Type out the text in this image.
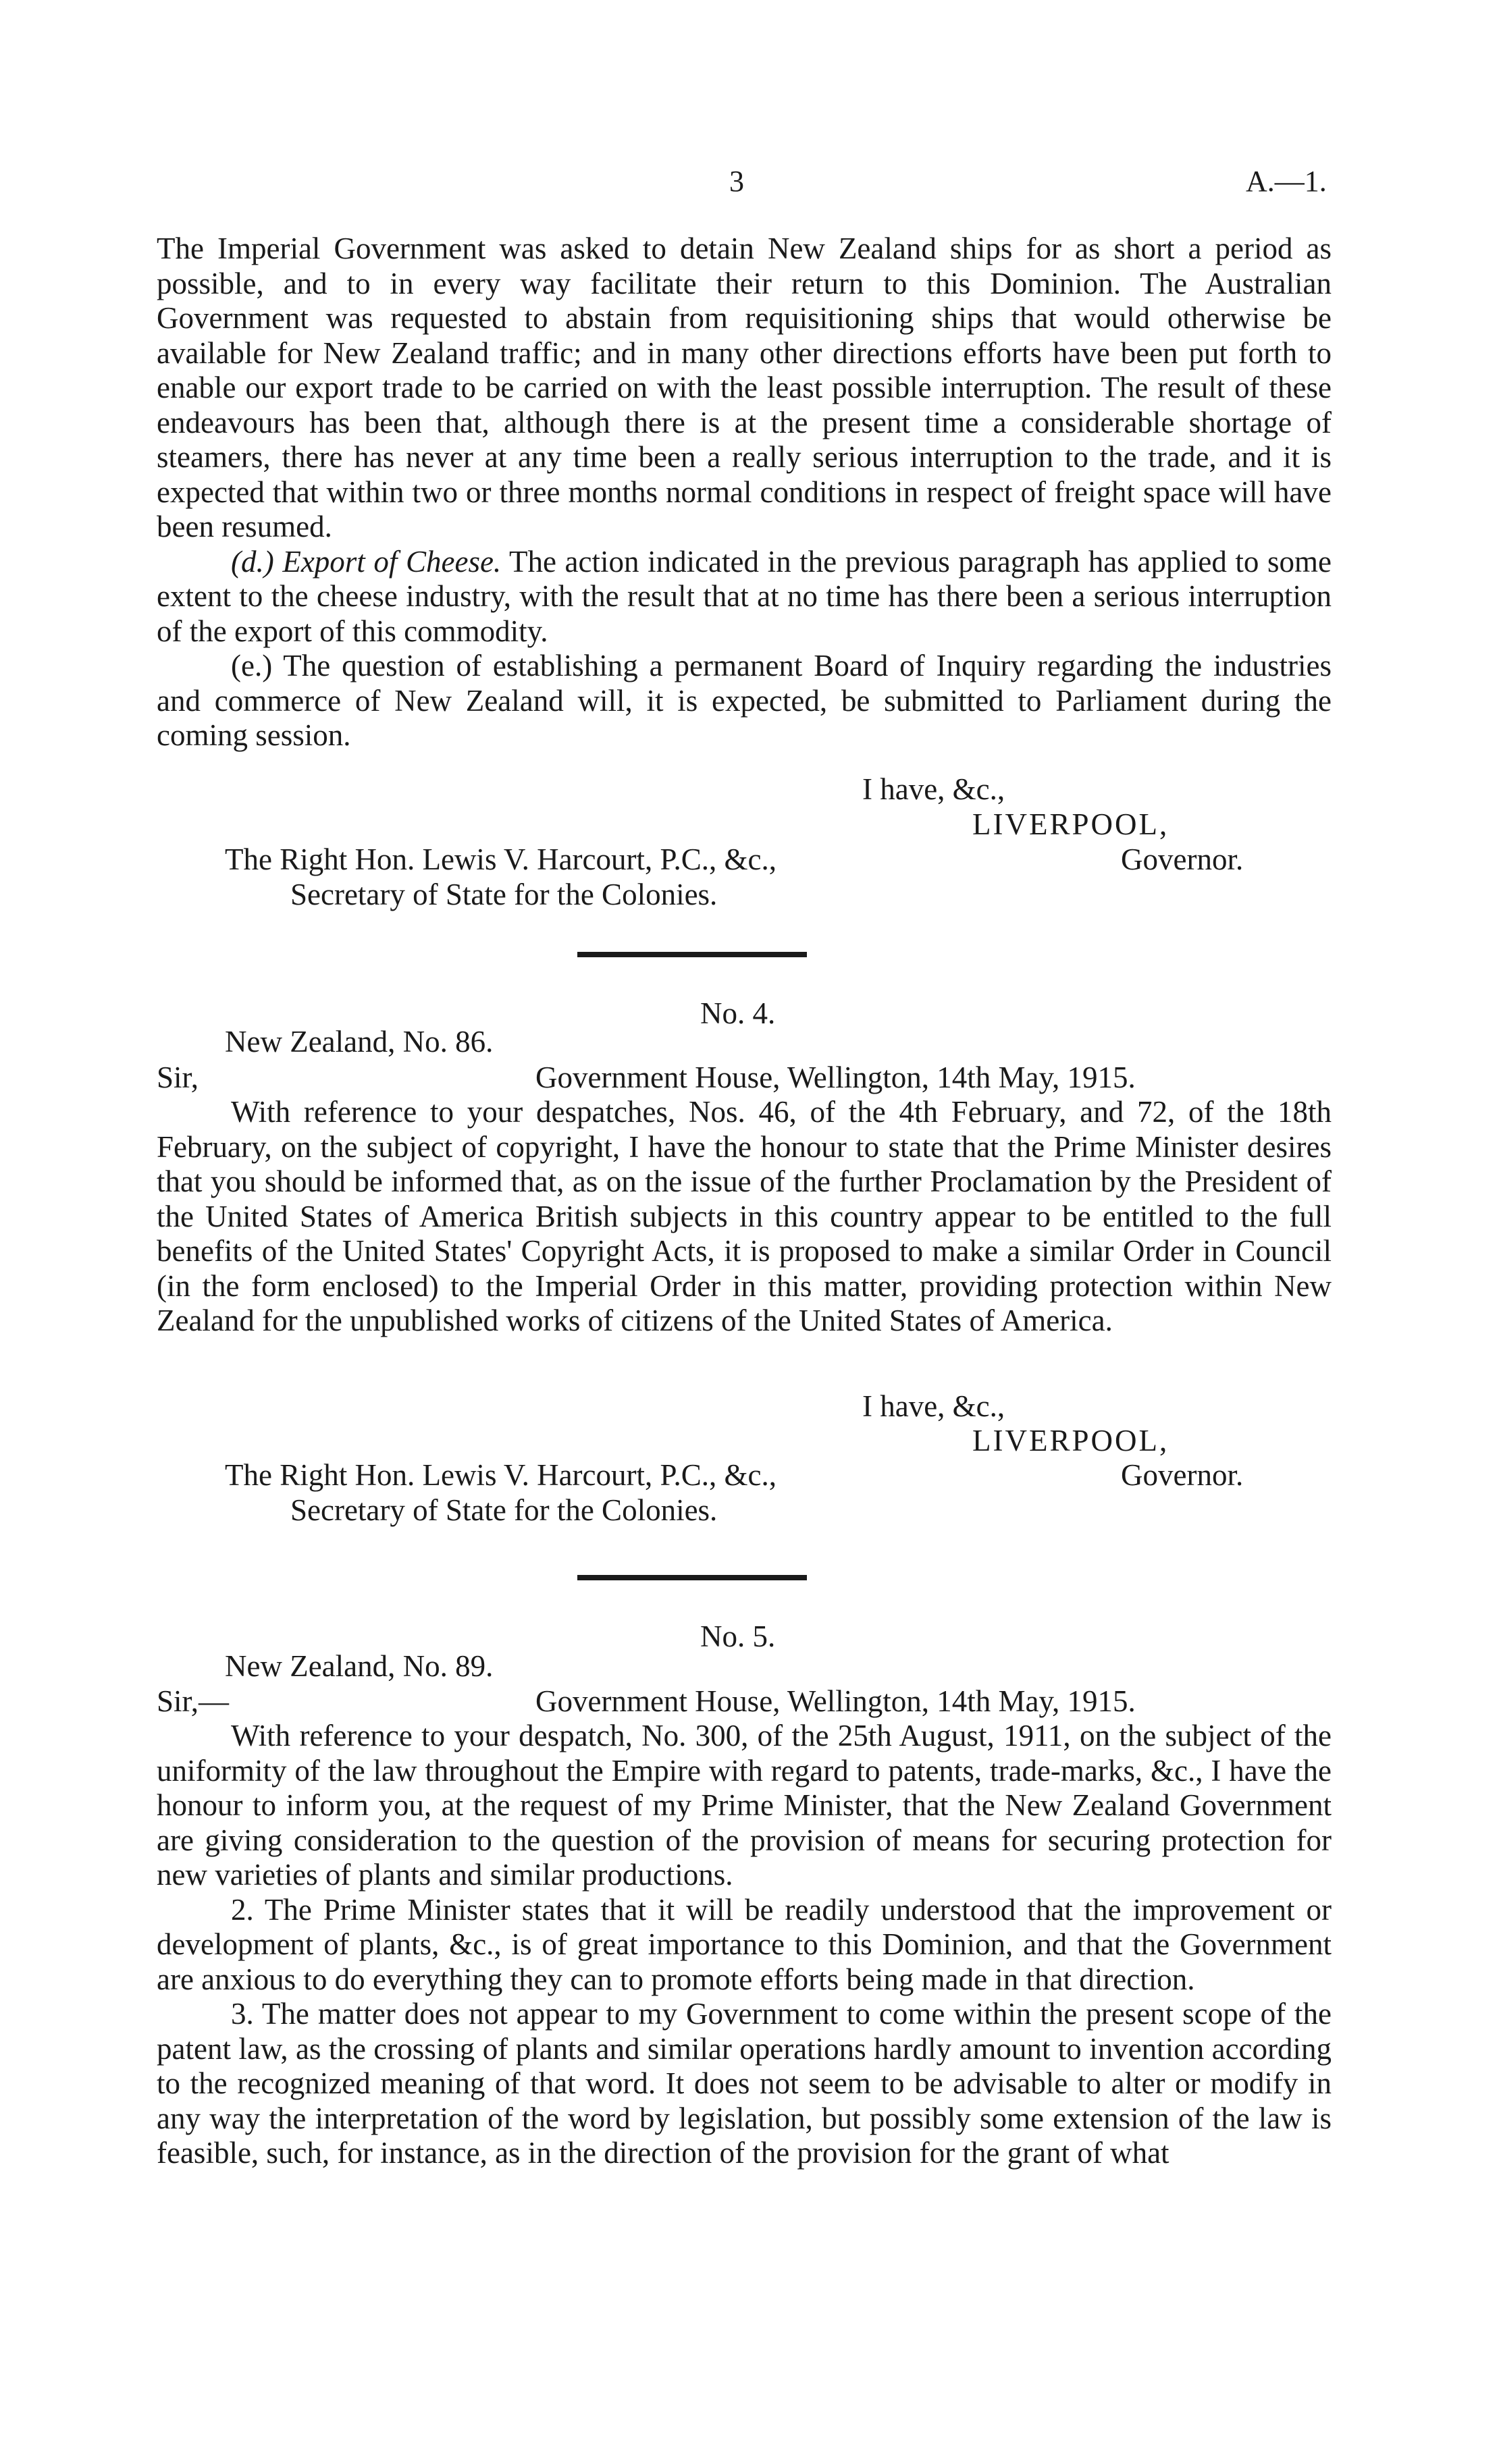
3	A.—1.

The Imperial Government was asked to detain New Zealand ships for as short a period as possible, and to in every way facilitate their return to this Dominion. The Australian Government was requested to abstain from requisitioning ships that would otherwise be available for New Zealand traffic; and in many other directions efforts have been put forth to enable our export trade to be carried on with the least possible interruption. The result of these endeavours has been that, although there is at the present time a considerable shortage of steamers, there has never at any time been a really serious interruption to the trade, and it is expected that within two or three months normal conditions in respect of freight space will have been resumed.

(d.) Export of Cheese. The action indicated in the previous paragraph has applied to some extent to the cheese industry, with the result that at no time has there been a serious interruption of the export of this commodity.

(e.) The question of establishing a permanent Board of Inquiry regarding the industries and commerce of New Zealand will, it is expected, be submitted to Parliament during the coming session.

I have, &c.,
LIVERPOOL,
The Right Hon. Lewis V. Harcourt, P.C., &c.,	Governor.
Secretary of State for the Colonies.
No. 4.
New Zealand, No. 86.
Sir,	Government House, Wellington, 14th May, 1915.

With reference to your despatches, Nos. 46, of the 4th February, and 72, of the 18th February, on the subject of copyright, I have the honour to state that the Prime Minister desires that you should be informed that, as on the issue of the further Proclamation by the President of the United States of America British subjects in this country appear to be entitled to the full benefits of the United States' Copyright Acts, it is proposed to make a similar Order in Council (in the form enclosed) to the Imperial Order in this matter, providing protection within New Zealand for the unpublished works of citizens of the United States of America.

I have, &c.,
LIVERPOOL,
The Right Hon. Lewis V. Harcourt, P.C., &c.,	Governor.
Secretary of State for the Colonies.
No. 5.
New Zealand, No. 89.
Sir,—	Government House, Wellington, 14th May, 1915.

With reference to your despatch, No. 300, of the 25th August, 1911, on the subject of the uniformity of the law throughout the Empire with regard to patents, trade-marks, &c., I have the honour to inform you, at the request of my Prime Minister, that the New Zealand Government are giving consideration to the question of the provision of means for securing protection for new varieties of plants and similar productions.

2. The Prime Minister states that it will be readily understood that the improvement or development of plants, &c., is of great importance to this Dominion, and that the Government are anxious to do everything they can to promote efforts being made in that direction.

3. The matter does not appear to my Government to come within the present scope of the patent law, as the crossing of plants and similar operations hardly amount to invention according to the recognized meaning of that word. It does not seem to be advisable to alter or modify in any way the interpretation of the word by legislation, but possibly some extension of the law is feasible, such, for instance, as in the direction of the provision for the grant of what
